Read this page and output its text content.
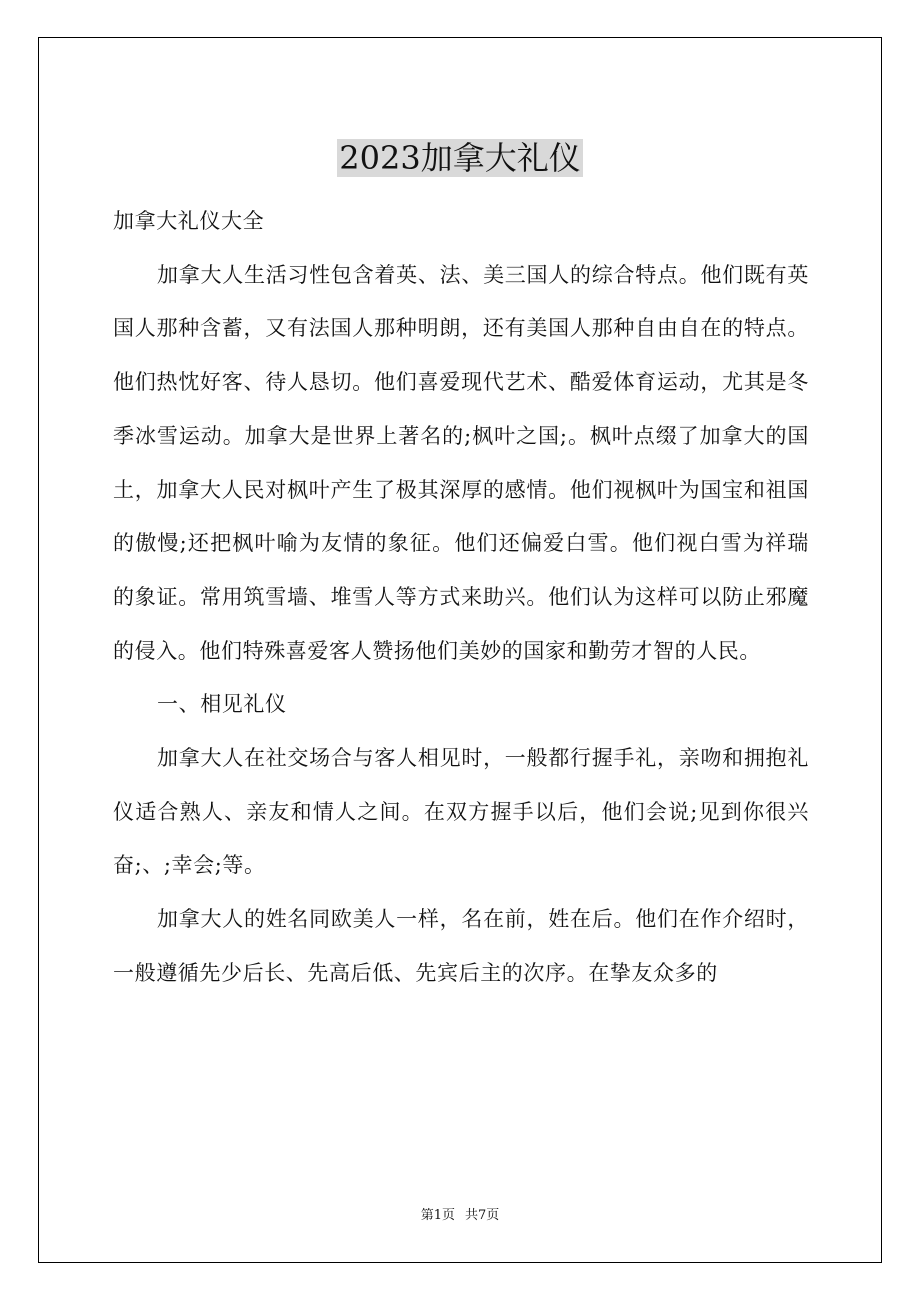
2023加拿大礼仪

加拿大礼仪大全

加拿大人生活习性包含着英、法、美三国人的综合特点。他们既有英国人那种含蓄，又有法国人那种明朗，还有美国人那种自由自在的特点。他们热忱好客、待人恳切。他们喜爱现代艺术、酷爱体育运动，尤其是冬季冰雪运动。加拿大是世界上著名的;枫叶之国;。枫叶点缀了加拿大的国土，加拿大人民对枫叶产生了极其深厚的感情。他们视枫叶为国宝和祖国的傲慢;还把枫叶喻为友情的象征。他们还偏爱白雪。他们视白雪为祥瑞的象证。常用筑雪墙、堆雪人等方式来助兴。他们认为这样可以防止邪魔的侵入。他们特殊喜爱客人赞扬他们美妙的国家和勤劳才智的人民。

一、相见礼仪

加拿大人在社交场合与客人相见时，一般都行握手礼，亲吻和拥抱礼仪适合熟人、亲友和情人之间。在双方握手以后，他们会说;见到你很兴奋;、;幸会;等。

加拿大人的姓名同欧美人一样，名在前，姓在后。他们在作介绍时，一般遵循先少后长、先高后低、先宾后主的次序。在挚友众多的

第1页 共7页
